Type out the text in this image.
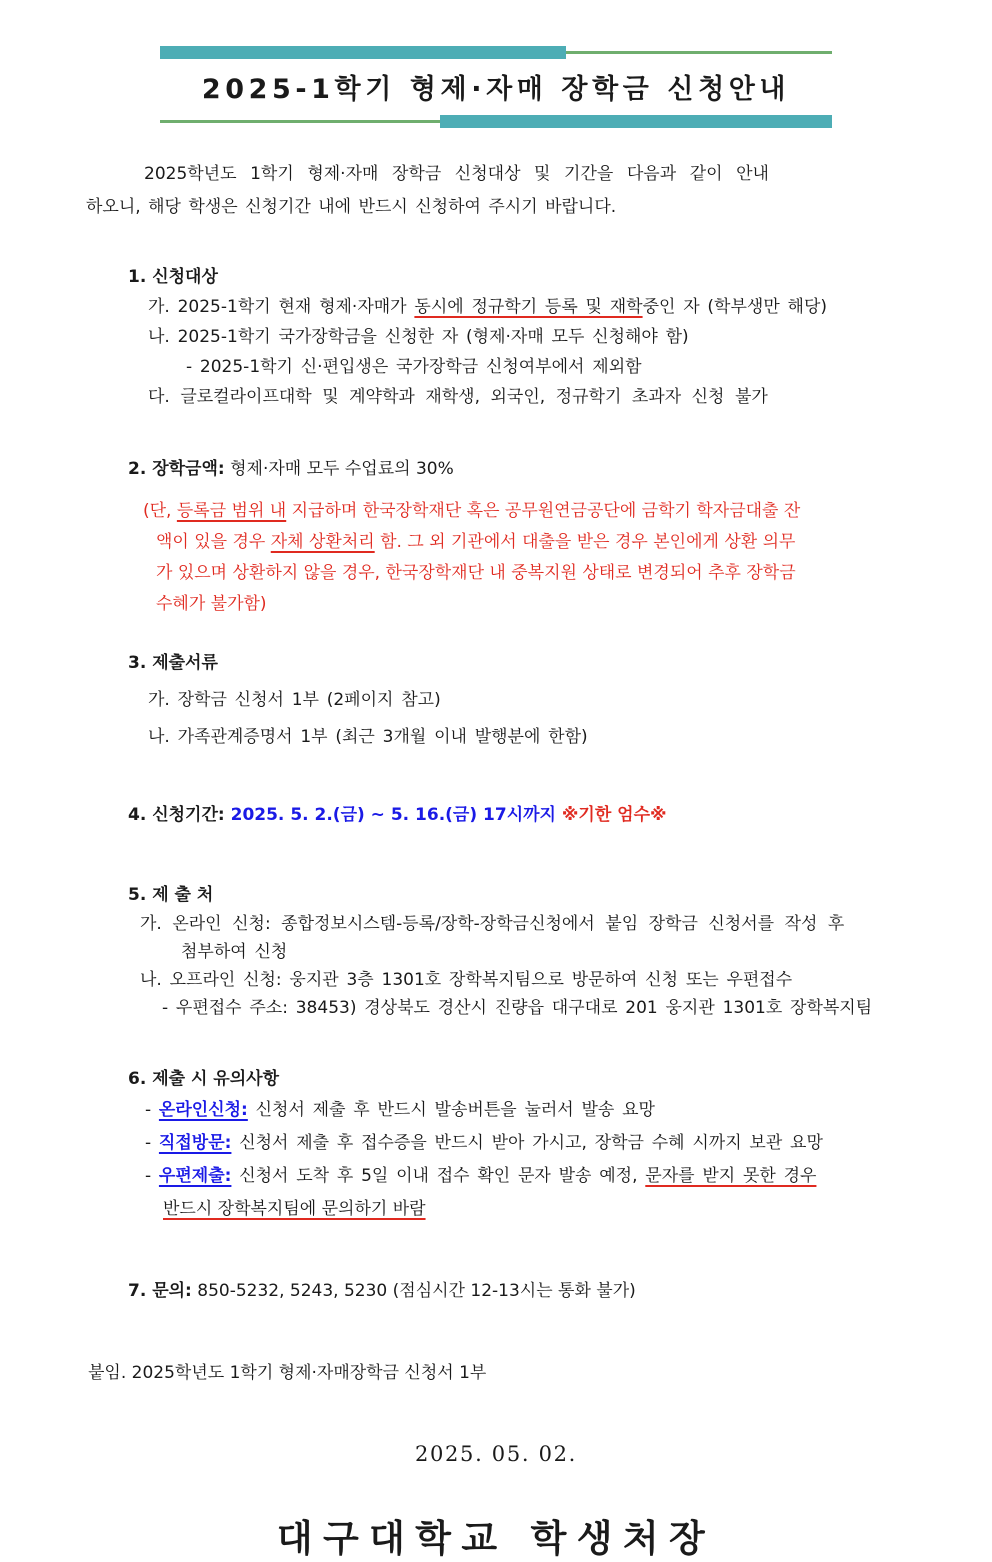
2025-1학기 형제·자매 장학금 신청안내

2025학년도 1학기 형제·자매 장학금 신청대상 및 기간을 다음과 같이 안내
하오니, 해당 학생은 신청기간 내에 반드시 신청하여 주시기 바랍니다.

1. 신청대상
가. 2025-1학기 현재 형제·자매가 동시에 정규학기 등록 및 재학중인 자 (학부생만 해당)
나. 2025-1학기 국가장학금을 신청한 자 (형제·자매 모두 신청해야 함)
- 2025-1학기 신·편입생은 국가장학금 신청여부에서 제외함
다. 글로컬라이프대학 및 계약학과 재학생, 외국인, 정규학기 초과자 신청 불가
2. 장학금액: 형제·자매 모두 수업료의 30%
(단, 등록금 범위 내 지급하며 한국장학재단 혹은 공무원연금공단에 금학기 학자금대출 잔
액이 있을 경우 자체 상환처리 함. 그 외 기관에서 대출을 받은 경우 본인에게 상환 의무
가 있으며 상환하지 않을 경우, 한국장학재단 내 중복지원 상태로 변경되어 추후 장학금
수혜가 불가함)
3. 제출서류
가. 장학금 신청서 1부 (2페이지 참고)
나. 가족관계증명서 1부 (최근 3개월 이내 발행분에 한함)
4. 신청기간: 2025. 5. 2.(금) ~ 5. 16.(금) 17시까지 ※기한 엄수※
5. 제 출 처
가. 온라인 신청: 종합정보시스템-등록/장학-장학금신청에서 붙임 장학금 신청서를 작성 후
첨부하여 신청
나. 오프라인 신청: 웅지관 3층 1301호 장학복지팀으로 방문하여 신청 또는 우편접수
- 우편접수 주소: 38453) 경상북도 경산시 진량읍 대구대로 201 웅지관 1301호 장학복지팀
6. 제출 시 유의사항
- 온라인신청: 신청서 제출 후 반드시 발송버튼을 눌러서 발송 요망
- 직접방문: 신청서 제출 후 접수증을 반드시 받아 가시고, 장학금 수혜 시까지 보관 요망
- 우편제출: 신청서 도착 후 5일 이내 접수 확인 문자 발송 예정, 문자를 받지 못한 경우
반드시 장학복지팀에 문의하기 바람
7. 문의: 850-5232, 5243, 5230 (점심시간 12-13시는 통화 불가)
붙임. 2025학년도 1학기 형제·자매장학금 신청서 1부
2025. 05. 02.
대구대학교 학생처장
